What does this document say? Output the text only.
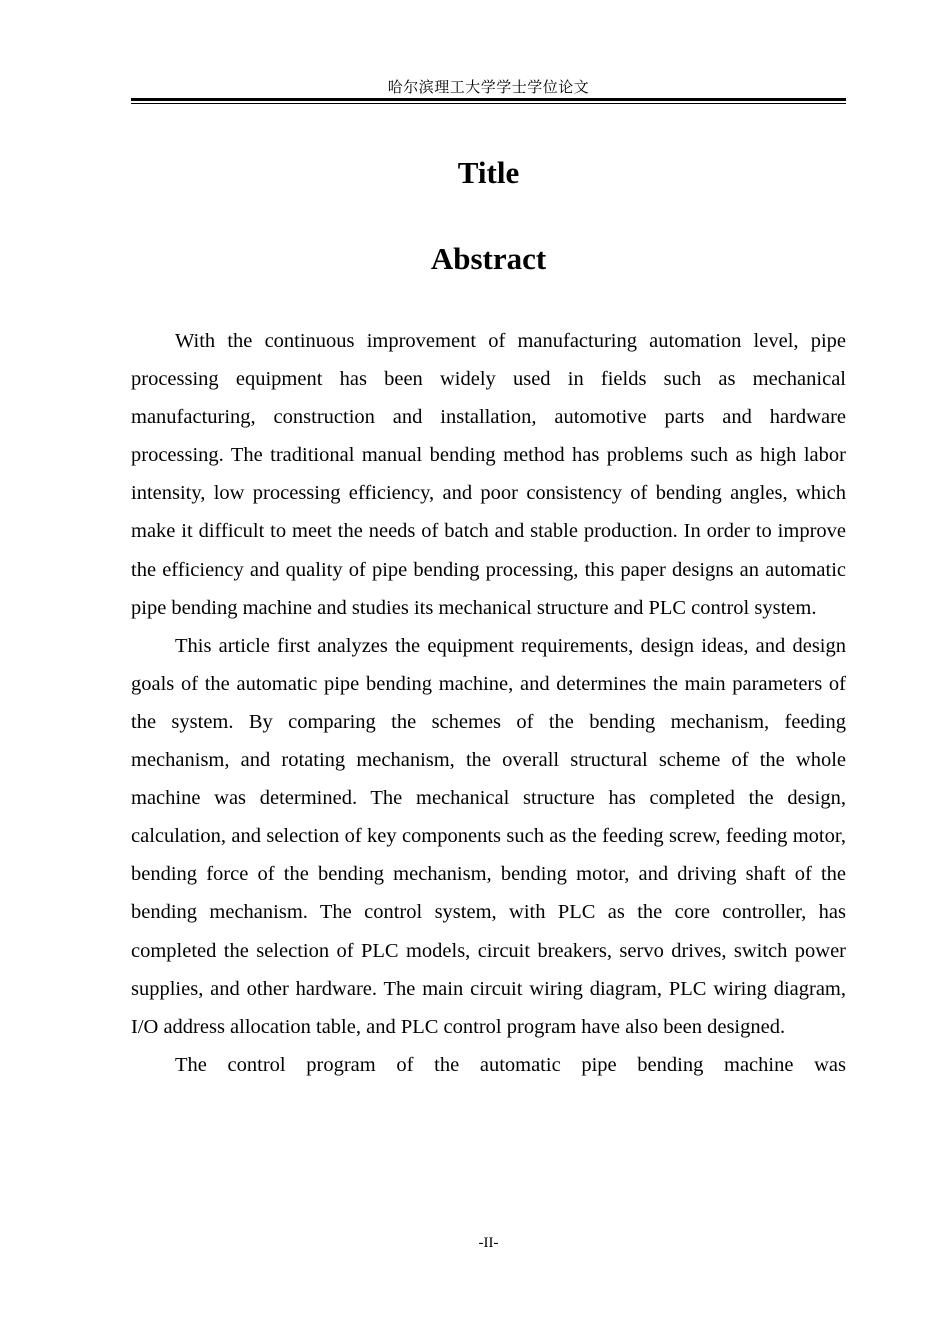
哈尔滨理工大学学士学位论文
Title
Abstract

With the continuous improvement of manufacturing automation level, pipe processing equipment has been widely used in fields such as mechanical manufacturing, construction and installation, automotive parts and hardware processing. The traditional manual bending method has problems such as high labor intensity, low processing efficiency, and poor consistency of bending angles, which make it difficult to meet the needs of batch and stable production. In order to improve the efficiency and quality of pipe bending processing, this paper designs an automatic pipe bending machine and studies its mechanical structure and PLC control system.

This article first analyzes the equipment requirements, design ideas, and design goals of the automatic pipe bending machine, and determines the main parameters of the system. By comparing the schemes of the bending mechanism, feeding mechanism, and rotating mechanism, the overall structural scheme of the whole machine was determined. The mechanical structure has completed the design, calculation, and selection of key components such as the feeding screw, feeding motor, bending force of the bending mechanism, bending motor, and driving shaft of the bending mechanism. The control system, with PLC as the core controller, has completed the selection of PLC models, circuit breakers, servo drives, switch power supplies, and other hardware. The main circuit wiring diagram, PLC wiring diagram, I/O address allocation table, and PLC control program have also been designed.

The control program of the automatic pipe bending machine was

-II-
